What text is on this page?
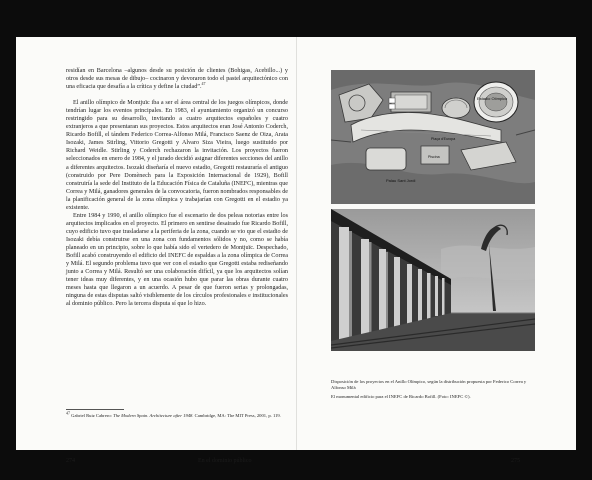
residían en Barcelona –algunos desde su posición de clientes (Bohigas, Acebillo...) y otros desde sus mesas de dibujo– cocinaron y devoraron todo el pastel arquitectónico con una eficacia que desafía a la crítica y define la ciudad”.$^{47}$

El anillo olímpico de Montjuïc iba a ser el área central de los juegos olímpicos, donde tendrían lugar los eventos principales. En 1983, el ayuntamiento organizó un concurso restringido para su desarrollo, invitando a cuatro arquitectos españoles y cuatro extranjeros a que presentaran sus proyectos. Estos arquitectos eran José Antonio Coderch, Ricardo Bofill, el tándem Federico Correa-Alfonso Milá, Francisco Saenz de Oiza, Arata Isozaki, James Stirling, Vittorio Gregotti y Alvaro Siza Vieira, luego sustituido por Richard Weidle. Stirling y Coderch rechazaron la invitación. Los proyectos fueron seleccionados en enero de 1984, y el jurado decidió asignar diferentes secciones del anillo a diferentes arquitectos. Isozaki diseñaría el nuevo estadio, Gregotti restauraría el antiguo (construido por Pere Domènech para la Exposición Internacional de 1929), Bofill construiría la sede del Instituto de la Educación Física de Cataluña (INEFC), mientras que Correa y Milá, ganadores generales de la convocatoria, fueron nombrados responsables de la planificación general de la zona olímpica y trabajarían con Gregotti en el estadio ya existente.

Entre 1984 y 1990, el anillo olímpico fue el escenario de dos peleas notorias entre los arquitectos implicados en el proyecto. El primero en sentirse desairado fue Ricardo Bofill, cuyo edificio tuvo que trasladarse a la periferia de la zona, cuando se vio que el estadio de Isozaki debía construirse en una zona con fundamentos sólidos y no, como se había planeado en un principio, sobre lo que había sido el vertedero de Montjuïc. Despechado, Bofill acabó construyendo el edificio del INEFC de espaldas a la zona olímpica de Correa y Milá. El segundo problema tuvo que ver con el estadio que Gregotti estaba rediseñando junto a Correa y Milá. Resultó ser una colaboración difícil, ya que los arquitectos solían tener ideas muy diferentes, y en una ocasión hubo que parar las obras durante cuatro meses hasta que llegaron a un acuerdo. A pesar de que fueron serias y prolongadas, ninguna de estas disputas saltó visiblemente de los círculos profesionales e institucionales al dominio público. Pero la tercera disputa sí que lo hizo.

47 Gabriel Ruiz Cabrero: The Modern Spain. Architecture after 1948. Cambridge, MA: The MIT Press, 2001, p. 119.

274	En el dominio público
Palau Sant Jordi
Estadio Olímpico
Piscina
Plaça d'Europa
Disposición de los proyectos en el Anillo Olímpico, según la distribución propuesta por Federico Correa y Alfonso Milà
El monumental edificio para el INEFC de Ricardo Bofill. (Foto: INEFC ©).
275
